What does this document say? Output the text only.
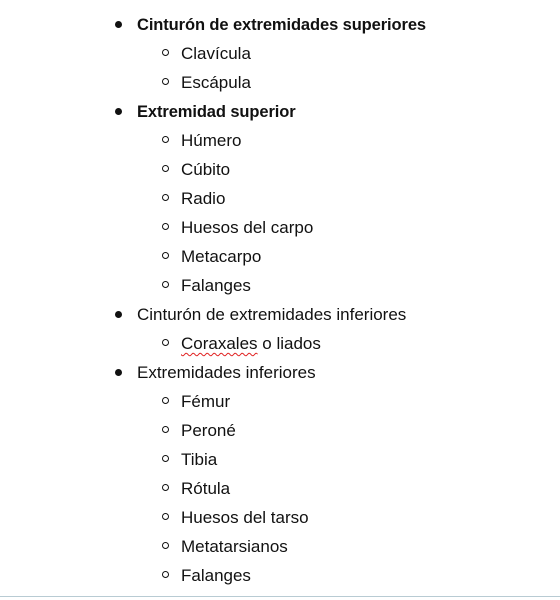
Cinturón de extremidades superiores
Clavícula
Escápula
Extremidad superior
Húmero
Cúbito
Radio
Huesos del carpo
Metacarpo
Falanges
Cinturón de extremidades inferiores
Coraxales o liados
Extremidades inferiores
Fémur
Peroné
Tibia
Rótula
Huesos del tarso
Metatarsianos
Falanges
